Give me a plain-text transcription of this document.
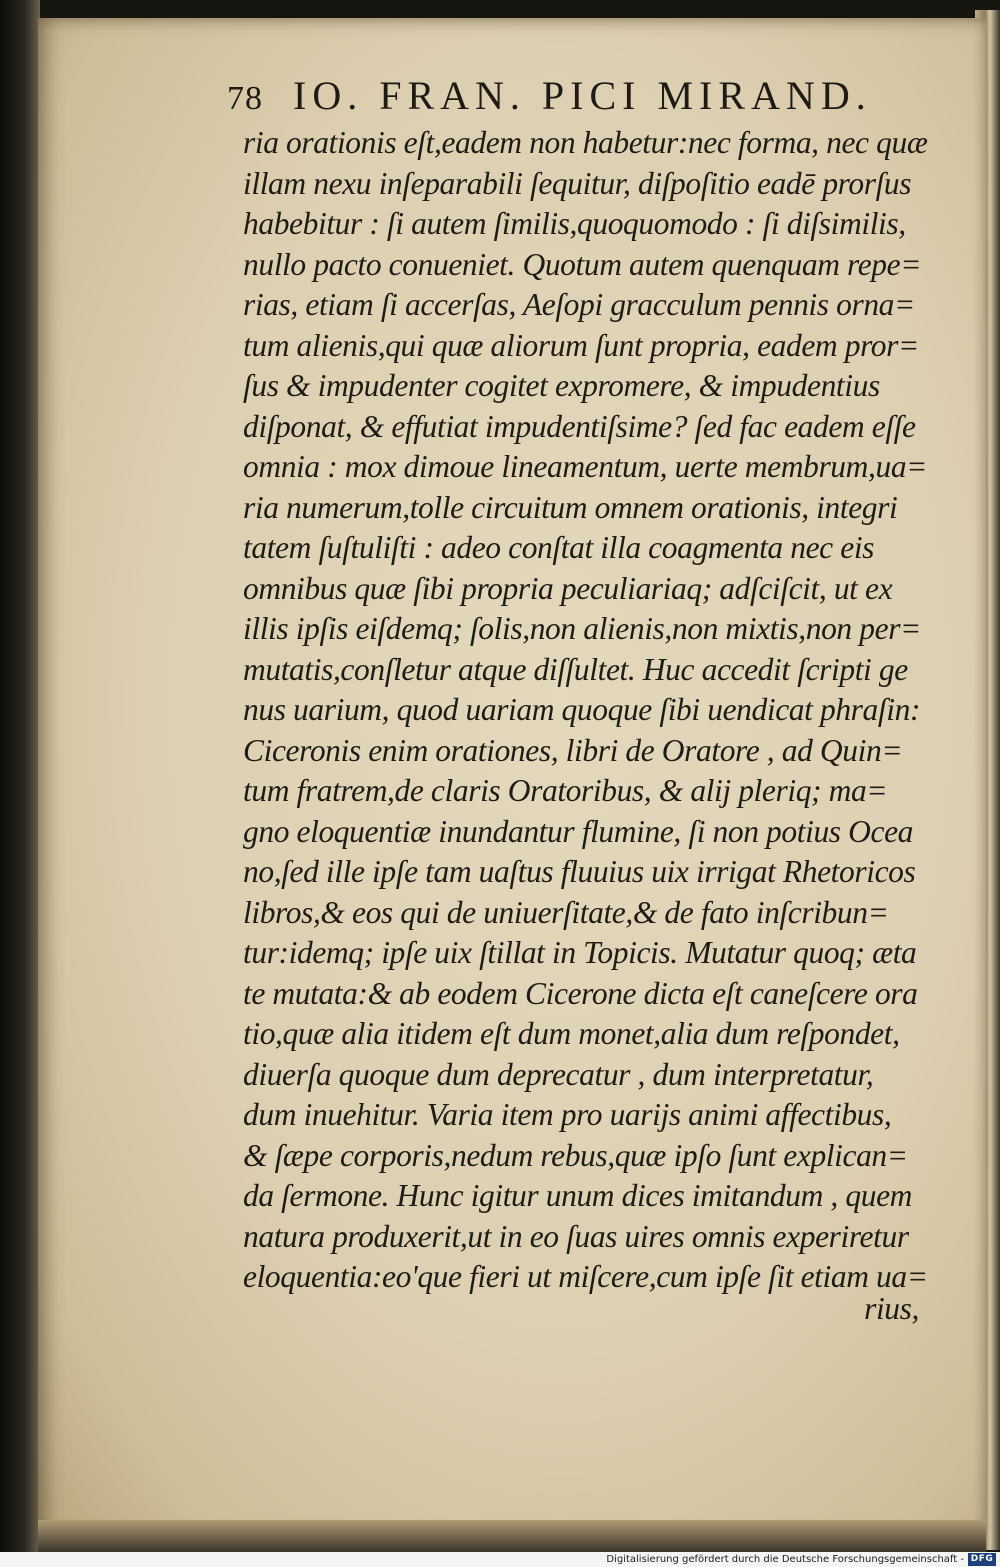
78 IO. FRAN. PICI MIRAND.
ria orationis eſt,eadem non habetur:nec forma, nec quæ
illam nexu inſeparabili ſequitur, diſpoſitio eadē prorſus
habebitur : ſi autem ſimilis,quoquomodo : ſi diſsimilis,
nullo pacto conueniet. Quotum autem quenquam repe=
rias, etiam ſi accerſas, Aeſopi gracculum pennis orna=
tum alienis,qui quæ aliorum ſunt propria, eadem pror=
ſus & impudenter cogitet expromere, & impudentius
diſponat, & effutiat impudentiſsime? ſed fac eadem eſſe
omnia : mox dimoue lineamentum, uerte membrum,ua=
ria numerum,tolle circuitum omnem orationis, integri
tatem ſuſtuliſti : adeo conſtat illa coagmenta nec eis
omnibus quæ ſibi propria peculiariaq; adſciſcit, ut ex
illis ipſis eiſdemq; ſolis,non alienis,non mixtis,non per=
mutatis,conſletur atque diſſultet. Huc accedit ſcripti ge
nus uarium, quod uariam quoque ſibi uendicat phraſin:
Ciceronis enim orationes, libri de Oratore , ad Quin=
tum fratrem,de claris Oratoribus, & alij pleriq; ma=
gno eloquentiæ inundantur flumine, ſi non potius Ocea
no,ſed ille ipſe tam uaſtus fluuius uix irrigat Rhetoricos
libros,& eos qui de uniuerſitate,& de fato inſcribun=
tur:idemq; ipſe uix ſtillat in Topicis. Mutatur quoq; æta
te mutata:& ab eodem Cicerone dicta eſt caneſcere ora
tio,quæ alia itidem eſt dum monet,alia dum reſpondet,
diuerſa quoque dum deprecatur , dum interpretatur,
dum inuehitur. Varia item pro uarijs animi affectibus,
& ſæpe corporis,nedum rebus,quæ ipſo ſunt explican=
da ſermone. Hunc igitur unum dices imitandum , quem
natura produxerit,ut in eo ſuas uires omnis experiretur
eloquentia:eo'que fieri ut miſcere,cum ipſe ſit etiam ua=
rius,
Digitalisierung gefördert durch die Deutsche Forschungsgemeinschaft - DFG
